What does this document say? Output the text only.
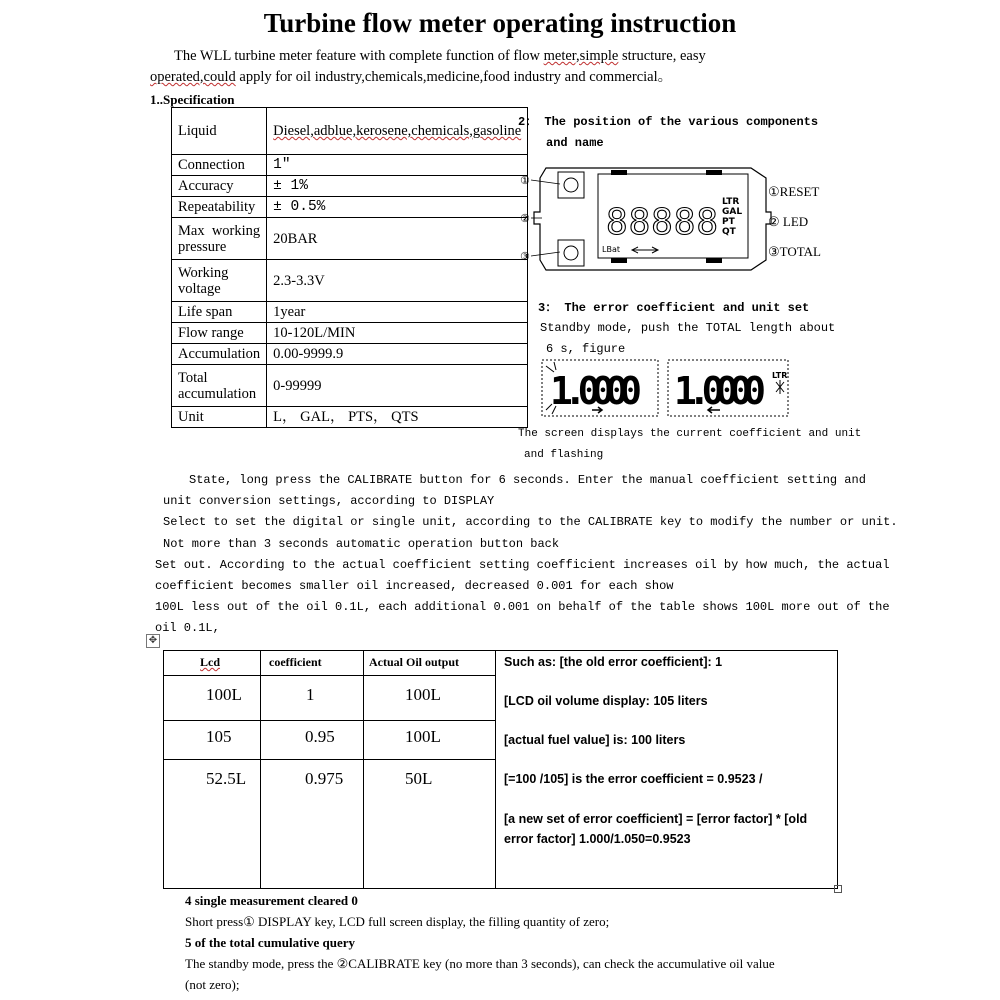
Turbine flow meter operating instruction
The WLL turbine meter feature with complete function of flow meter,simple structure, easy
operated,could apply for oil industry,chemicals,medicine,food industry and commercial。
1..Specification
Liquid	Diesel,adblue,kerosene,chemicals,gasoline
Connection	1"
Accuracy	± 1%
Repeatability	± 0.5%
Max working pressure	20BAR
Working voltage	2.3-3.3V
Life span	1year
Flow range	10-120L/MIN
Accumulation	0.00-9999.9
Total accumulation	0-99999
Unit	L， GAL， PTS， QTS
2： The position of the various components
and name
①
②
③
88888 LTR
GAL
PT
QT
LBat
①RESET
② LED
③TOTAL
3： The error coefficient and unit set
Standby mode, push the TOTAL length about
6 s, figure
1.0000 1.0000 LTR
The screen displays the current coefficient and unit
and flashing
State, long press the CALIBRATE button for 6 seconds. Enter the manual coefficient setting and
unit conversion settings, according to DISPLAY
Select to set the digital or single unit, according to the CALIBRATE key to modify the number or unit.
Not more than 3 seconds automatic operation button back
Set out. According to the actual coefficient setting coefficient increases oil by how much, the actual
coefficient becomes smaller oil increased, decreased 0.001 for each show
100L less out of the oil 0.1L, each additional 0.001 on behalf of the table shows 100L more out of the
oil 0.1L,
✥
Lcd	coefficient	Actual Oil output
100L	1	100L
105	0.95	100L
52.5L	0.975	50L
Such as: [the old error coefficient]: 1
[LCD oil volume display: 105 liters
[actual fuel value] is: 100 liters
[=100 /105] is the error coefficient = 0.9523 /
[a new set of error coefficient] = [error factor] * [old error factor] 1.000/1.050=0.9523
4 single measurement cleared 0
Short press① DISPLAY key, LCD full screen display, the filling quantity of zero;
5 of the total cumulative query
The standby mode, press the ②CALIBRATE key (no more than 3 seconds), can check the accumulative oil value
(not zero);
